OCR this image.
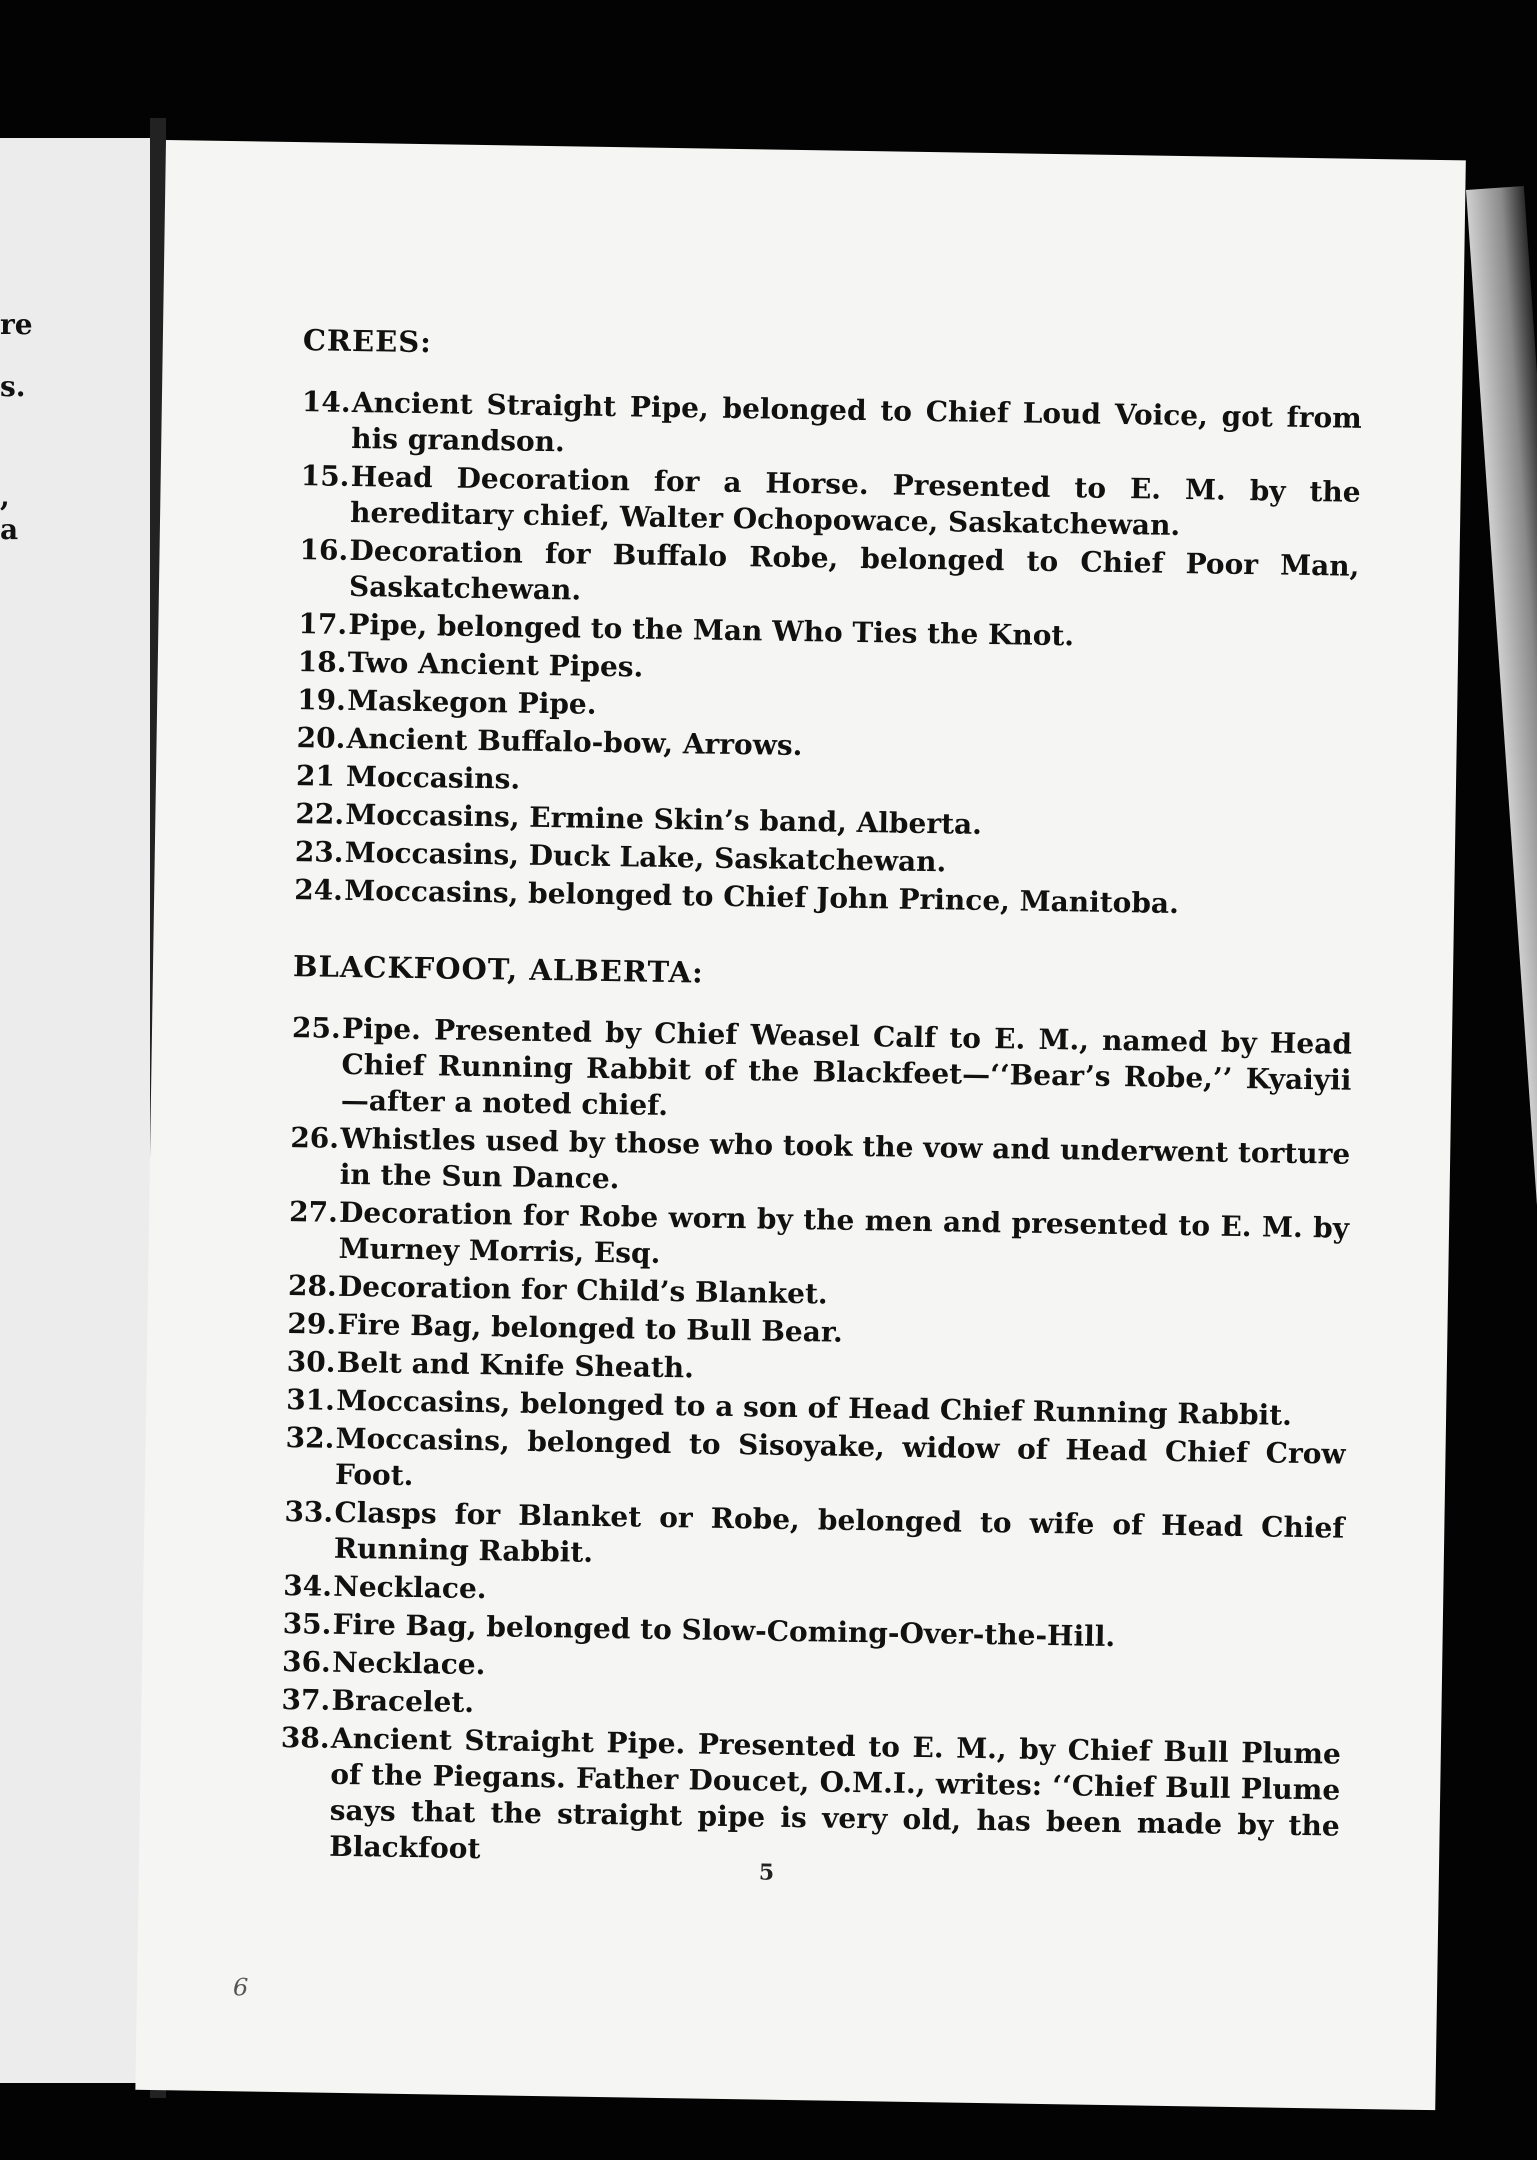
re
s.
,
a
CREES:
14. Ancient Straight Pipe, belonged to Chief Loud Voice, got from his grandson.
15. Head Decoration for a Horse. Presented to E. M. by the hereditary chief, Walter Ochopowace, Saskatchewan.
16. Decoration for Buffalo Robe, belonged to Chief Poor Man, Saskatchewan.
17. Pipe, belonged to the Man Who Ties the Knot.
18. Two Ancient Pipes.
19. Maskegon Pipe.
20. Ancient Buffalo-bow, Arrows.
21 Moccasins.
22. Moccasins, Ermine Skin’s band, Alberta.
23. Moccasins, Duck Lake, Saskatchewan.
24. Moccasins, belonged to Chief John Prince, Manitoba.
BLACKFOOT, ALBERTA:
25. Pipe. Presented by Chief Weasel Calf to E. M., named by Head Chief Running Rabbit of the Blackfeet—‘‘Bear’s Robe,’’ Kyaiyii—after a noted chief.
26. Whistles used by those who took the vow and underwent torture in the Sun Dance.
27. Decoration for Robe worn by the men and presented to E. M. by Murney Morris, Esq.
28. Decoration for Child’s Blanket.
29. Fire Bag, belonged to Bull Bear.
30. Belt and Knife Sheath.
31. Moccasins, belonged to a son of Head Chief Running Rabbit.
32. Moccasins, belonged to Sisoyake, widow of Head Chief Crow Foot.
33. Clasps for Blanket or Robe, belonged to wife of Head Chief Running Rabbit.
34. Necklace.
35. Fire Bag, belonged to Slow-Coming-Over-the-Hill.
36. Necklace.
37. Bracelet.
38. Ancient Straight Pipe. Presented to E. M., by Chief Bull Plume of the Piegans. Father Doucet, O.M.I., writes: ‘‘Chief Bull Plume says that the straight pipe is very old, has been made by the Blackfoot
5
6
